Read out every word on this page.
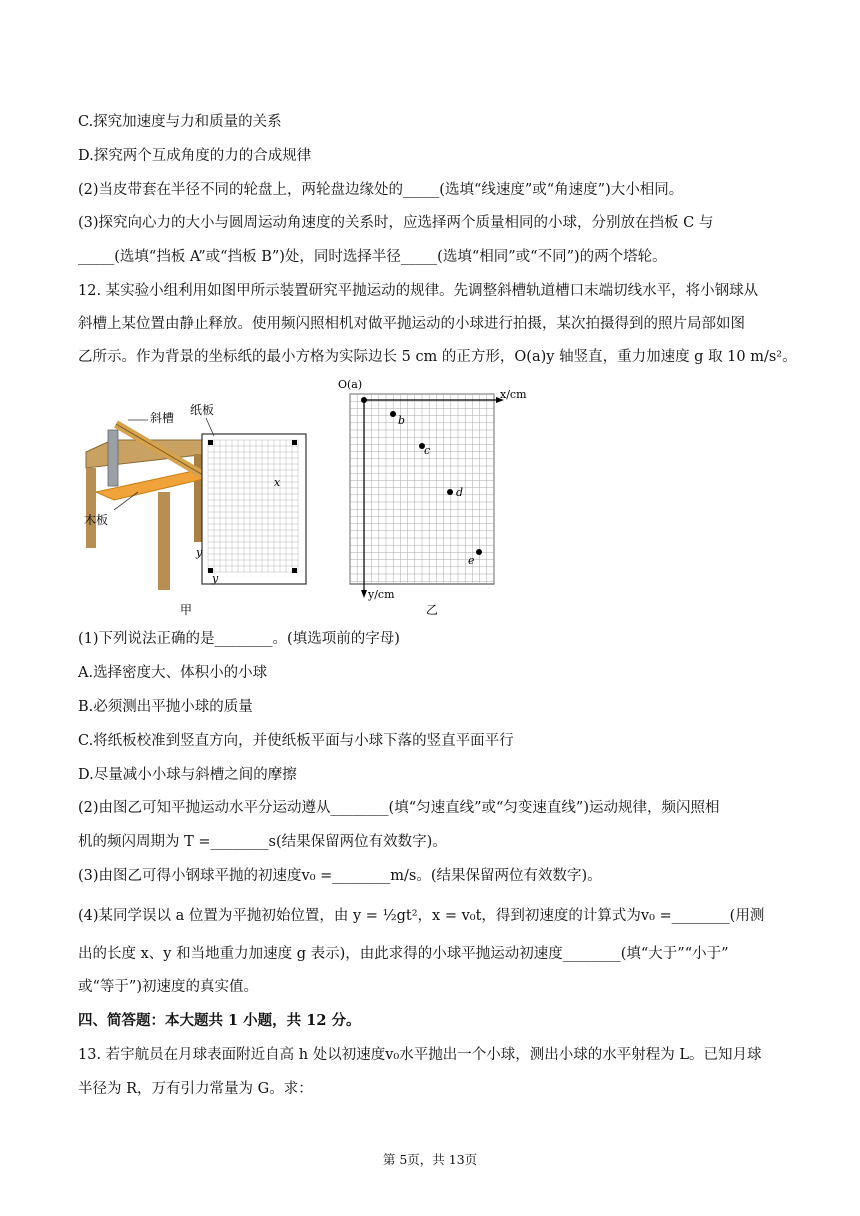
C.探究加速度与力和质量的关系
D.探究两个互成角度的力的合成规律
(2)当皮带套在半径不同的轮盘上，两轮盘边缘处的_____(选填“线速度”或“角速度”)大小相同。
(3)探究向心力的大小与圆周运动角速度的关系时，应选择两个质量相同的小球，分别放在挡板 C 与
_____(选填“挡板 A”或“挡板 B”)处，同时选择半径_____(选填“相同”或“不同”)的两个塔轮。
12. 某实验小组利用如图甲所示装置研究平抛运动的规律。先调整斜槽轨道槽口末端切线水平，将小钢球从
斜槽上某位置由静止释放。使用频闪照相机对做平抛运动的小球进行拍摄，某次拍摄得到的照片局部如图
乙所示。作为背景的坐标纸的最小方格为实际边长 5 cm 的正方形，O(a)y 轴竖直，重力加速度 g 取 10 m/s²。
斜槽
纸板
木板
x
y
y
甲
O(a)
x/cm
y/cm
b
c
d
e
乙
(1)下列说法正确的是________。(填选项前的字母)
A.选择密度大、体积小的小球
B.必须测出平抛小球的质量
C.将纸板校准到竖直方向，并使纸板平面与小球下落的竖直平面平行
D.尽量减小小球与斜槽之间的摩擦
(2)由图乙可知平抛运动水平分运动遵从________(填“匀速直线”或“匀变速直线”)运动规律，频闪照相
机的频闪周期为 T =________s(结果保留两位有效数字)。
(3)由图乙可得小钢球平抛的初速度v₀ =________m/s。(结果保留两位有效数字)。
(4)某同学误以 a 位置为平抛初始位置，由 y = ½gt²，x = v₀t，得到初速度的计算式为v₀ =________(用测
出的长度 x、y 和当地重力加速度 g 表示)，由此求得的小球平抛运动初速度________(填“大于”“小于”
或“等于”)初速度的真实值。
四、简答题：本大题共 1 小题，共 12 分。
13. 若宇航员在月球表面附近自高 h 处以初速度v₀水平抛出一个小球，测出小球的水平射程为 L。已知月球
半径为 R，万有引力常量为 G。求：
第 5页，共 13页
